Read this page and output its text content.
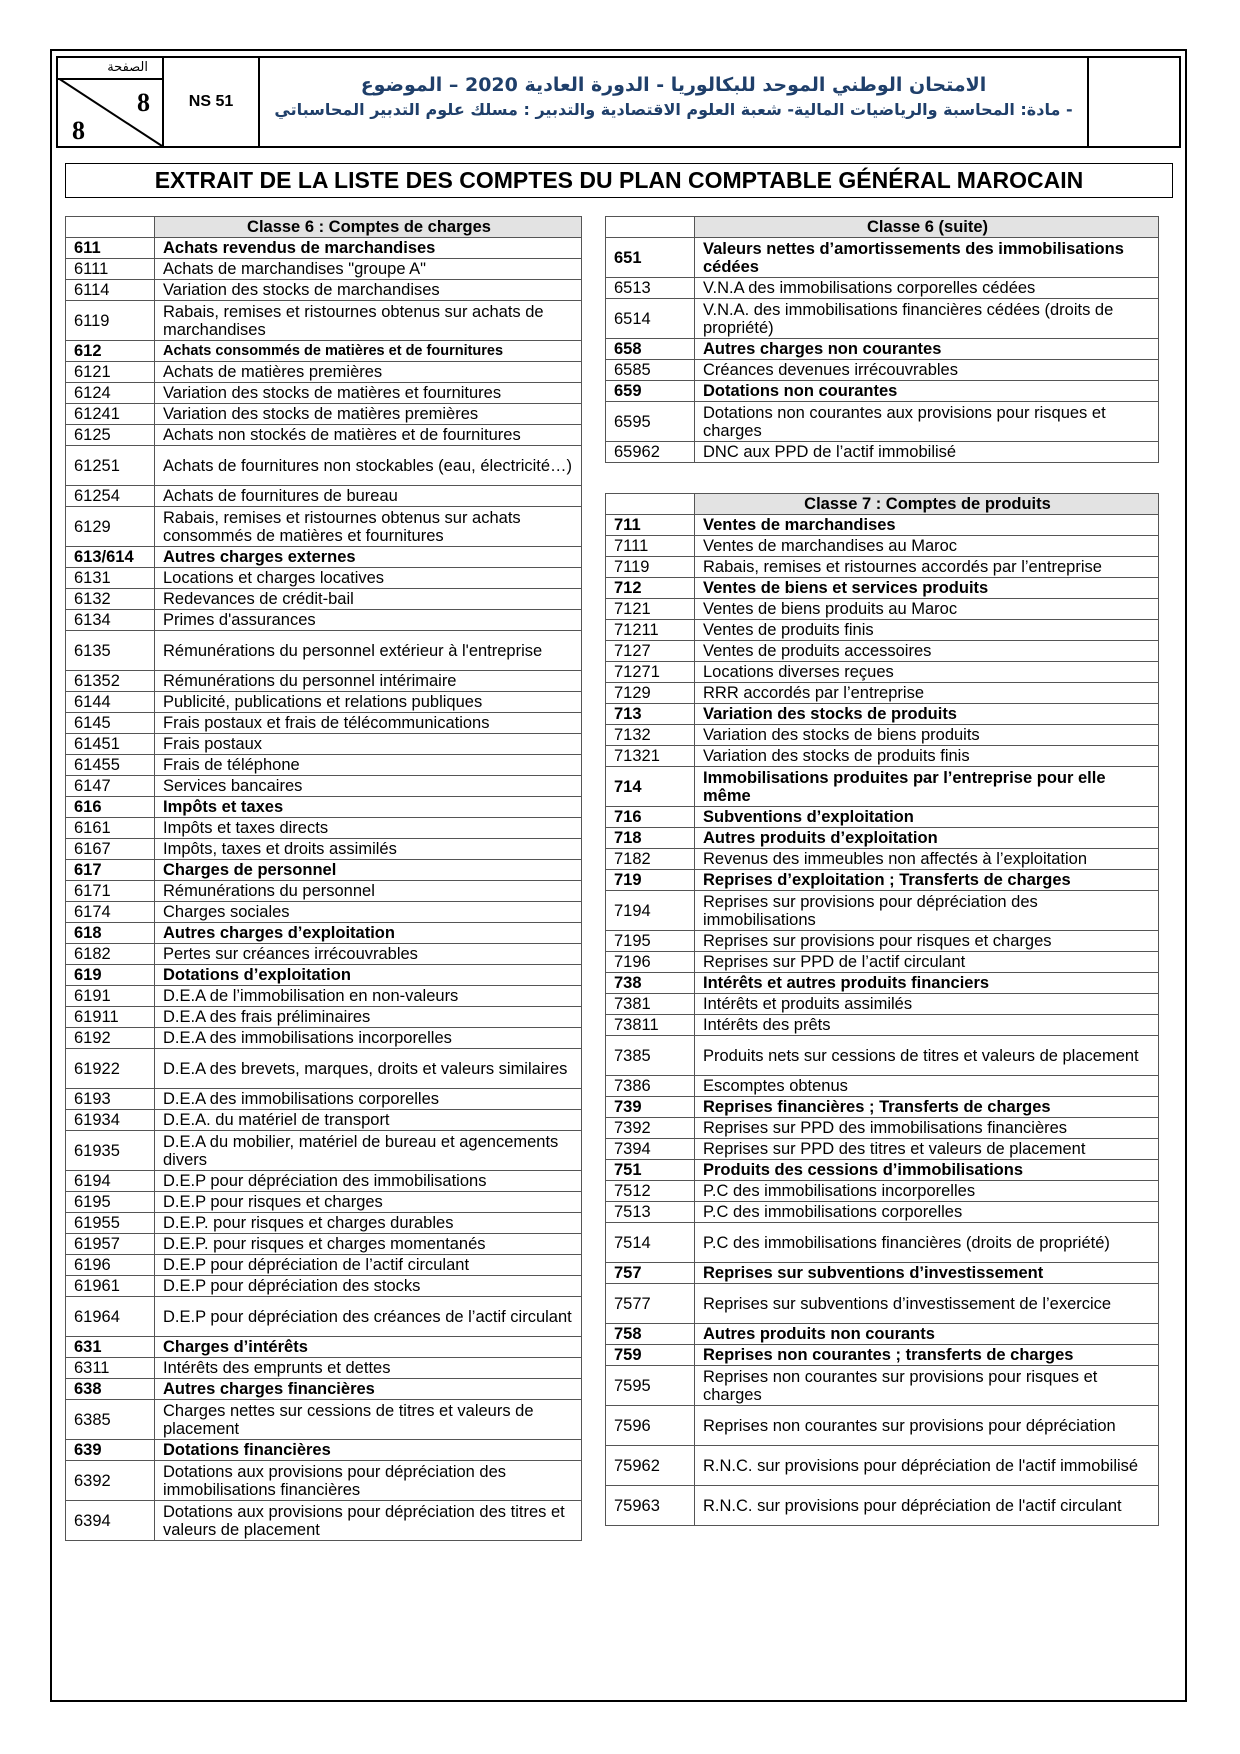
الصفحة
8
8
NS 51
الامتحان الوطني الموحد للبكالوريا - الدورة العادية 2020 – الموضوع
- مادة: المحاسبة والرياضيات المالية- شعبة العلوم الاقتصادية والتدبير : مسلك علوم التدبير المحاسباتي
EXTRAIT DE LA LISTE DES COMPTES DU PLAN COMPTABLE GÉNÉRAL MAROCAIN
	Classe 6 : Comptes de charges
611	Achats revendus de marchandises
6111	Achats de marchandises "groupe A"
6114	Variation des stocks de marchandises
6119	Rabais, remises et ristournes obtenus sur achats de marchandises
612	Achats consommés de matières et de fournitures
6121	Achats de matières premières
6124	Variation des stocks de matières et fournitures
61241	Variation des stocks de matières premières
6125	Achats non stockés de matières et de fournitures
61251	Achats de fournitures non stockables (eau, électricité…)
61254	Achats de fournitures de bureau
6129	Rabais, remises et ristournes obtenus sur achats consommés de matières et fournitures
613/614	Autres charges externes
6131	Locations et charges locatives
6132	Redevances de crédit-bail
6134	Primes d'assurances
6135	Rémunérations du personnel extérieur à l'entreprise
61352	Rémunérations du personnel intérimaire
6144	Publicité, publications et relations publiques
6145	Frais postaux et frais de télécommunications
61451	Frais postaux
61455	Frais de téléphone
6147	Services bancaires
616	Impôts et taxes
6161	Impôts et taxes directs
6167	Impôts, taxes et droits assimilés
617	Charges de personnel
6171	Rémunérations du personnel
6174	Charges sociales
618	Autres charges d’exploitation
6182	Pertes sur créances irrécouvrables
619	Dotations d’exploitation
6191	D.E.A de l’immobilisation en non-valeurs
61911	D.E.A des frais préliminaires
6192	D.E.A des immobilisations incorporelles
61922	D.E.A des brevets, marques, droits et valeurs similaires
6193	D.E.A des immobilisations corporelles
61934	D.E.A. du matériel de transport
61935	D.E.A du mobilier, matériel de bureau et agencements divers
6194	D.E.P pour dépréciation des immobilisations
6195	D.E.P pour risques et charges
61955	D.E.P. pour risques et charges durables
61957	D.E.P. pour risques et charges momentanés
6196	D.E.P pour dépréciation de l’actif circulant
61961	D.E.P pour dépréciation des stocks
61964	D.E.P pour dépréciation des créances de l’actif circulant
631	Charges d’intérêts
6311	Intérêts des emprunts et dettes
638	Autres charges financières
6385	Charges nettes sur cessions de titres et valeurs de placement
639	Dotations financières
6392	Dotations aux provisions pour dépréciation des immobilisations financières
6394	Dotations aux provisions pour dépréciation des titres et valeurs de placement
	Classe 6 (suite)
651	Valeurs nettes d’amortissements des immobilisations cédées
6513	V.N.A des immobilisations corporelles cédées
6514	V.N.A. des immobilisations financières cédées (droits de propriété)
658	Autres charges non courantes
6585	Créances devenues irrécouvrables
659	Dotations non courantes
6595	Dotations non courantes aux provisions pour risques et charges
65962	DNC aux PPD de l’actif immobilisé
	Classe 7 : Comptes de produits
711	Ventes de marchandises
7111	Ventes de marchandises au Maroc
7119	Rabais, remises et ristournes accordés par l’entreprise
712	Ventes de biens et services produits
7121	Ventes de biens produits au Maroc
71211	Ventes de produits finis
7127	Ventes de produits accessoires
71271	Locations diverses reçues
7129	RRR accordés par l’entreprise
713	Variation des stocks de produits
7132	Variation des stocks de biens produits
71321	Variation des stocks de produits finis
714	Immobilisations produites par l’entreprise pour elle même
716	Subventions d’exploitation
718	Autres produits d’exploitation
7182	Revenus des immeubles non affectés à l’exploitation
719	Reprises d’exploitation ; Transferts de charges
7194	Reprises sur provisions pour dépréciation des immobilisations
7195	Reprises sur provisions pour risques et charges
7196	Reprises sur PPD de l’actif circulant
738	Intérêts et autres produits financiers
7381	Intérêts et produits assimilés
73811	Intérêts des prêts
7385	Produits nets sur cessions de titres et valeurs de placement
7386	Escomptes obtenus
739	Reprises financières ; Transferts de charges
7392	Reprises sur PPD des immobilisations financières
7394	Reprises sur PPD des titres et valeurs de placement
751	Produits des cessions d’immobilisations
7512	P.C des immobilisations incorporelles
7513	P.C des immobilisations corporelles
7514	P.C des immobilisations financières (droits de propriété)
757	Reprises sur subventions d’investissement
7577	Reprises sur subventions d’investissement de l’exercice
758	Autres produits non courants
759	Reprises non courantes ; transferts de charges
7595	Reprises non courantes sur provisions pour risques et charges
7596	Reprises non courantes sur provisions pour dépréciation
75962	R.N.C. sur provisions pour dépréciation de l'actif immobilisé
75963	R.N.C. sur provisions pour dépréciation de l'actif circulant
